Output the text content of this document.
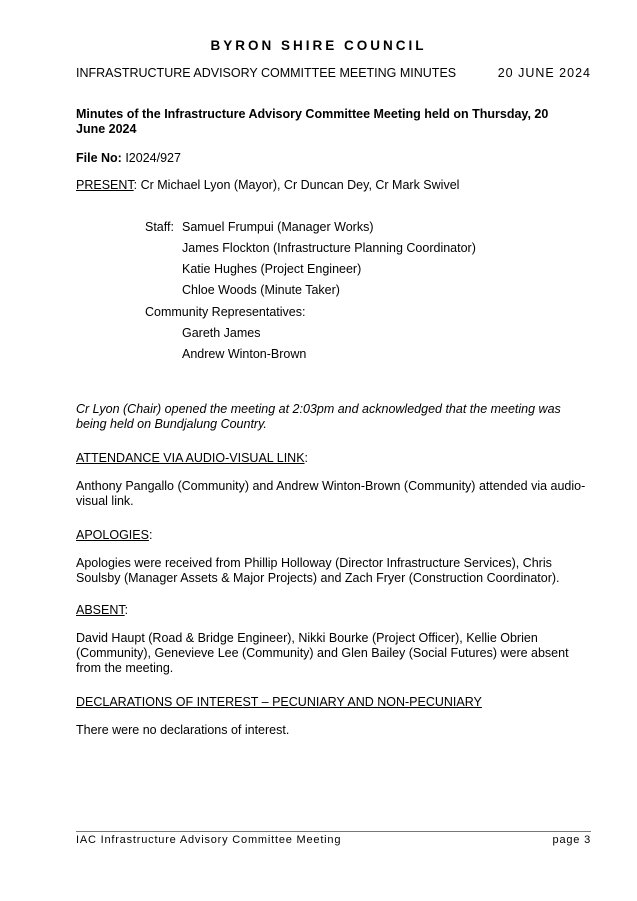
BYRON SHIRE COUNCIL
INFRASTRUCTURE ADVISORY COMMITTEE MEETING MINUTES	20 JUNE 2024
Minutes of the Infrastructure Advisory Committee Meeting held on Thursday, 20 June 2024
File No: I2024/927
PRESENT: Cr Michael Lyon (Mayor), Cr Duncan Dey, Cr Mark Swivel
Staff: Samuel Frumpui (Manager Works)
James Flockton (Infrastructure Planning Coordinator)
Katie Hughes (Project Engineer)
Chloe Woods (Minute Taker)
Community Representatives:
Gareth James
Andrew Winton-Brown
Cr Lyon (Chair) opened the meeting at 2:03pm and acknowledged that the meeting was being held on Bundjalung Country.
ATTENDANCE VIA AUDIO-VISUAL LINK:
Anthony Pangallo (Community) and Andrew Winton-Brown (Community) attended via audio-visual link.
APOLOGIES:
Apologies were received from Phillip Holloway (Director Infrastructure Services), Chris Soulsby (Manager Assets & Major Projects) and Zach Fryer (Construction Coordinator).
ABSENT:
David Haupt (Road & Bridge Engineer), Nikki Bourke (Project Officer), Kellie Obrien (Community), Genevieve Lee (Community) and Glen Bailey (Social Futures) were absent from the meeting.
DECLARATIONS OF INTEREST – PECUNIARY AND NON-PECUNIARY
There were no declarations of interest.
IAC Infrastructure Advisory Committee Meeting	page 3
